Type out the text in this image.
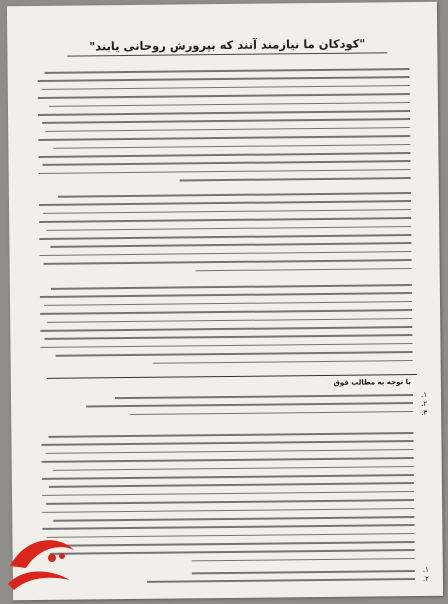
"کودکان ما نیازمند آنند که بپرورش روحانی یابند"
با توجه به مطالب فوق
۱.
۲.
۳.
۱.
۲.
